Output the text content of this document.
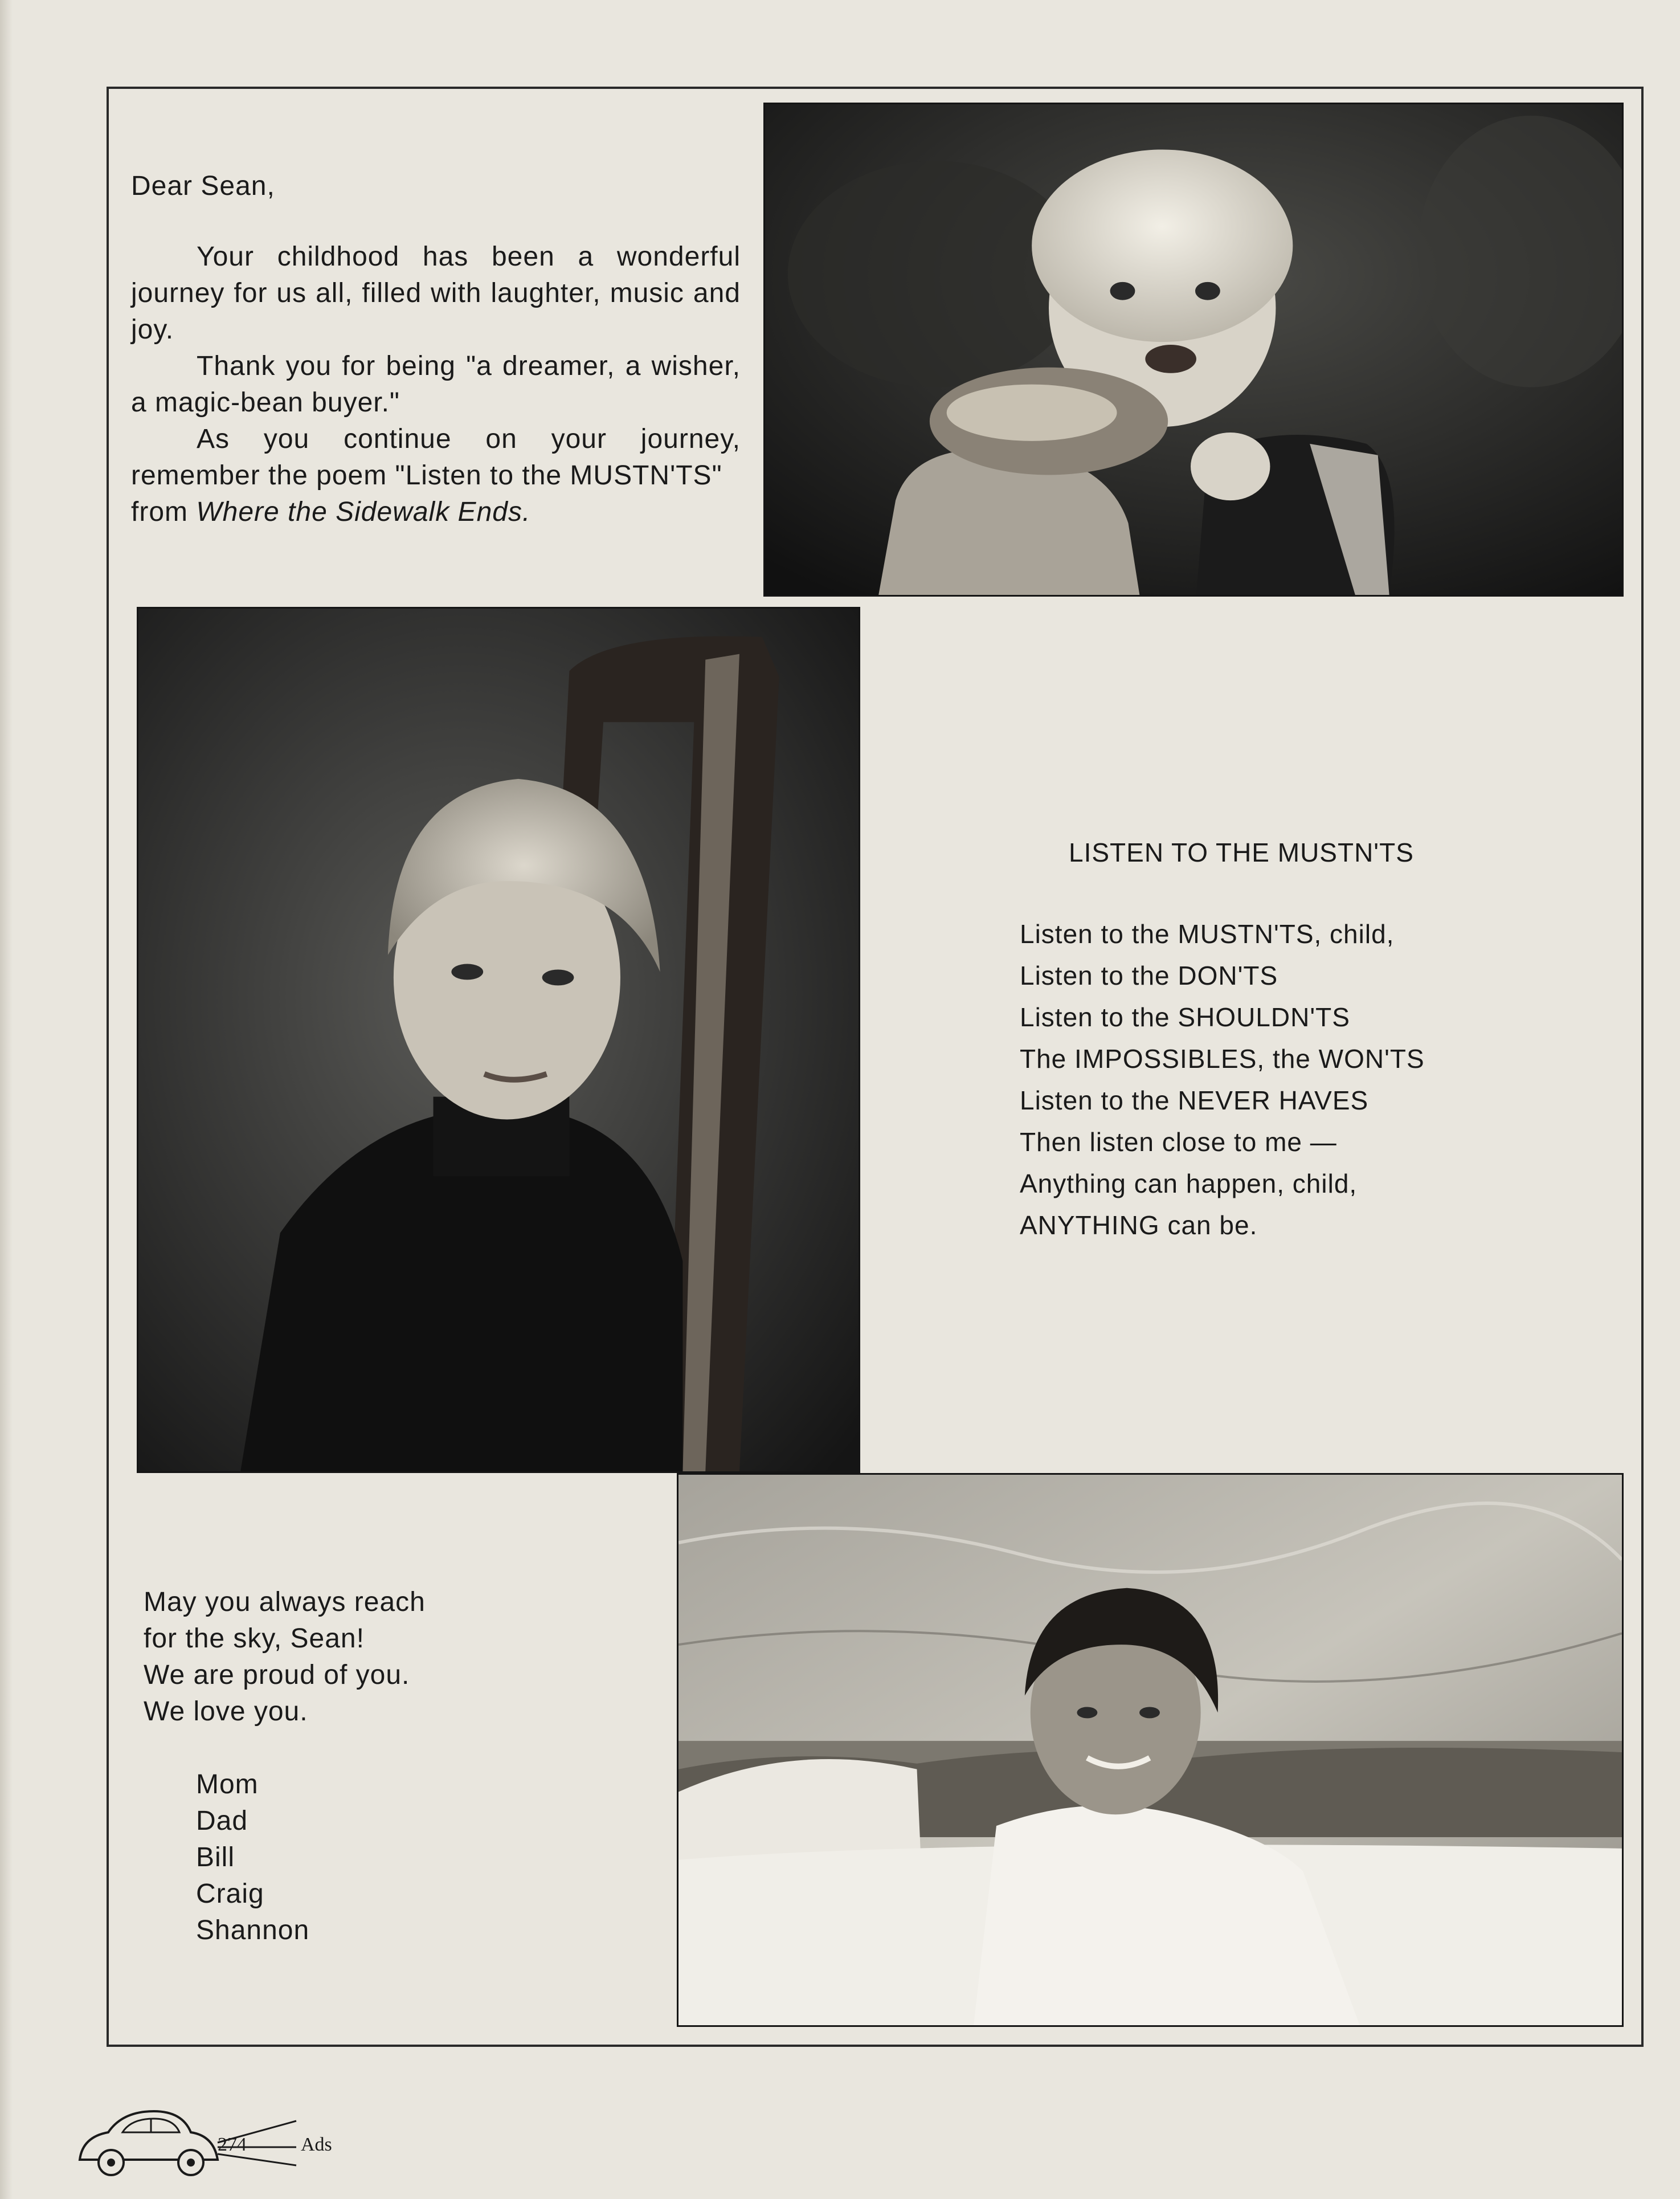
Dear Sean,

Your childhood has been a wonderful journey for us all, filled with laughter, music and joy.

Thank you for being "a dreamer, a wisher, a magic-bean buyer."

As you continue on your journey, remember the poem "Listen to the MUSTN'TS"

from Where the Sidewalk Ends.

LISTEN TO THE MUSTN'TS

Listen to the MUSTN'TS, child,

Listen to the DON'TS

Listen to the SHOULDN'TS

The IMPOSSIBLES, the WON'TS

Listen to the NEVER HAVES

Then listen close to me —

Anything can happen, child,

ANYTHING can be.

May you always reach

for the sky, Sean!

We are proud of you.

We love you.

Mom

Dad

Bill

Craig

Shannon

274	Ads
